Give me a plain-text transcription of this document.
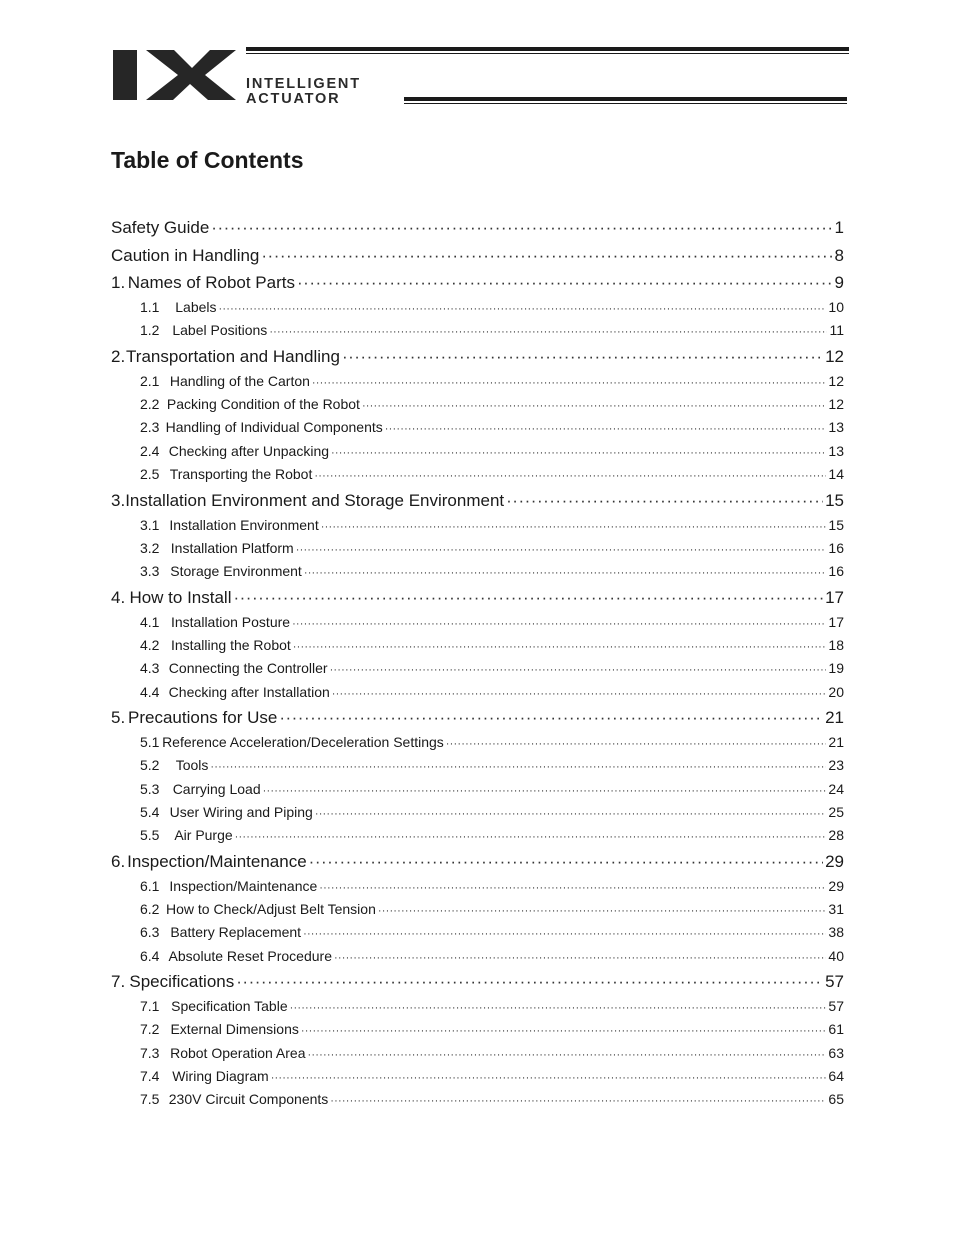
INTELLIGENT
ACTUATOR
Table of Contents
Safety Guide ·····	1
Caution in Handling ·····	8
1. Names of Robot Parts ·····	9
1.1	Labels ·····	10
1.2 Label Positions ·····	11
2. Transportation and Handling ·····	12
2.1 Handling of the Carton ·····	12
2.2 Packing Condition of the Robot ·····	12
2.3 Handling of Individual Components ·····	13
2.4 Checking after Unpacking ·····	13
2.5 Transporting the Robot ·····	14
3. Installation Environment and Storage Environment ·····	15
3.1 Installation Environment ·····	15
3.2 Installation Platform ·····	16
3.3 Storage Environment ·····	16
4. How to Install ·····	17
4.1 Installation Posture ·····	17
4.2 Installing the Robot ·····	18
4.3 Connecting the Controller ·····	19
4.4 Checking after Installation ·····	20
5. Precautions for Use ·····	21
5.1 Reference Acceleration/Deceleration Settings ·····	21
5.2	Tools ·····	23
5.3 Carrying Load ·····	24
5.4 User Wiring and Piping ·····	25
5.5	Air Purge ·····	28
6. Inspection/Maintenance ·····	29
6.1 Inspection/Maintenance ·····	29
6.2 How to Check/Adjust Belt Tension ·····	31
6.3 Battery Replacement ·····	38
6.4 Absolute Reset Procedure ·····	40
7. Specifications ·····	57
7.1 Specification Table ·····	57
7.2 External Dimensions ·····	61
7.3 Robot Operation Area ·····	63
7.4 Wiring Diagram ·····	64
7.5 230V Circuit Components ·····	65
